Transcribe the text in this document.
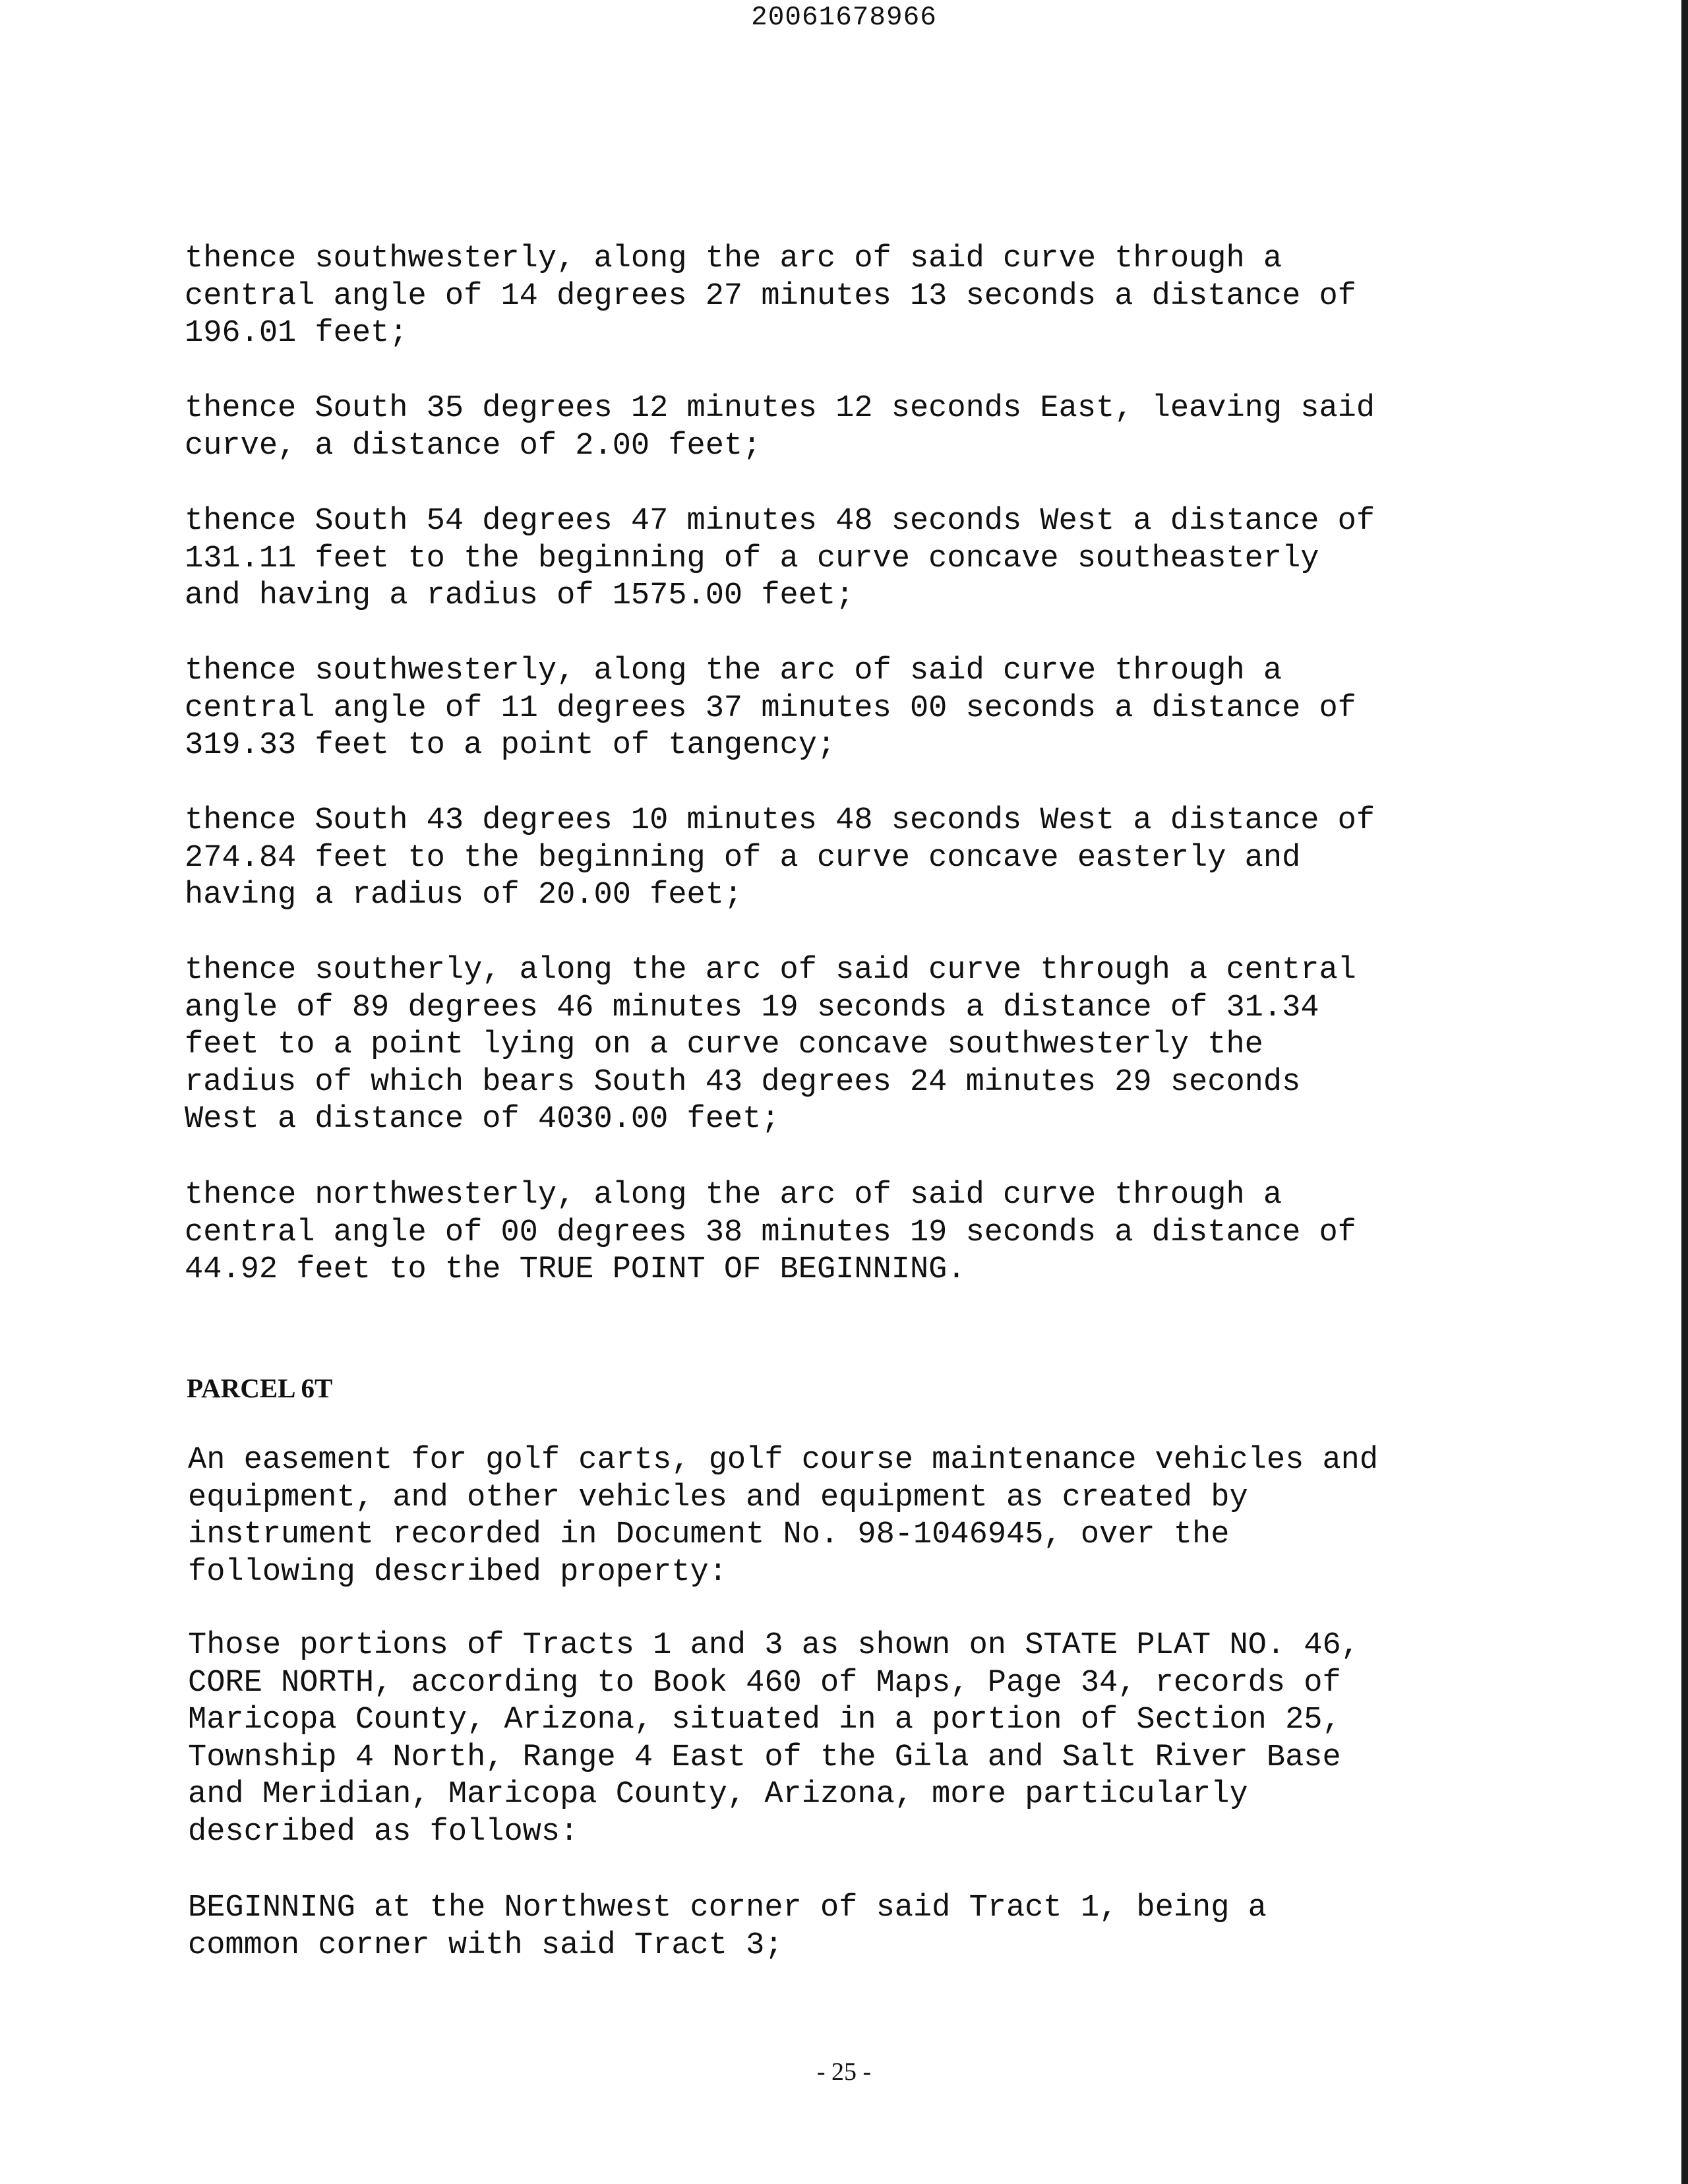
20061678966

thence southwesterly, along the arc of said curve through a
central angle of 14 degrees 27 minutes 13 seconds a distance of
196.01 feet;

thence South 35 degrees 12 minutes 12 seconds East, leaving said
curve, a distance of 2.00 feet;

thence South 54 degrees 47 minutes 48 seconds West a distance of
131.11 feet to the beginning of a curve concave southeasterly
and having a radius of 1575.00 feet;

thence southwesterly, along the arc of said curve through a
central angle of 11 degrees 37 minutes 00 seconds a distance of
319.33 feet to a point of tangency;

thence South 43 degrees 10 minutes 48 seconds West a distance of
274.84 feet to the beginning of a curve concave easterly and
having a radius of 20.00 feet;

thence southerly, along the arc of said curve through a central
angle of 89 degrees 46 minutes 19 seconds a distance of 31.34
feet to a point lying on a curve concave southwesterly the
radius of which bears South 43 degrees 24 minutes 29 seconds
West a distance of 4030.00 feet;

thence northwesterly, along the arc of said curve through a
central angle of 00 degrees 38 minutes 19 seconds a distance of
44.92 feet to the TRUE POINT OF BEGINNING.

PARCEL 6T

An easement for golf carts, golf course maintenance vehicles and
equipment, and other vehicles and equipment as created by
instrument recorded in Document No. 98-1046945, over the
following described property:

Those portions of Tracts 1 and 3 as shown on STATE PLAT NO. 46,
CORE NORTH, according to Book 460 of Maps, Page 34, records of
Maricopa County, Arizona, situated in a portion of Section 25,
Township 4 North, Range 4 East of the Gila and Salt River Base
and Meridian, Maricopa County, Arizona, more particularly
described as follows:

BEGINNING at the Northwest corner of said Tract 1, being a
common corner with said Tract 3;

- 25 -
